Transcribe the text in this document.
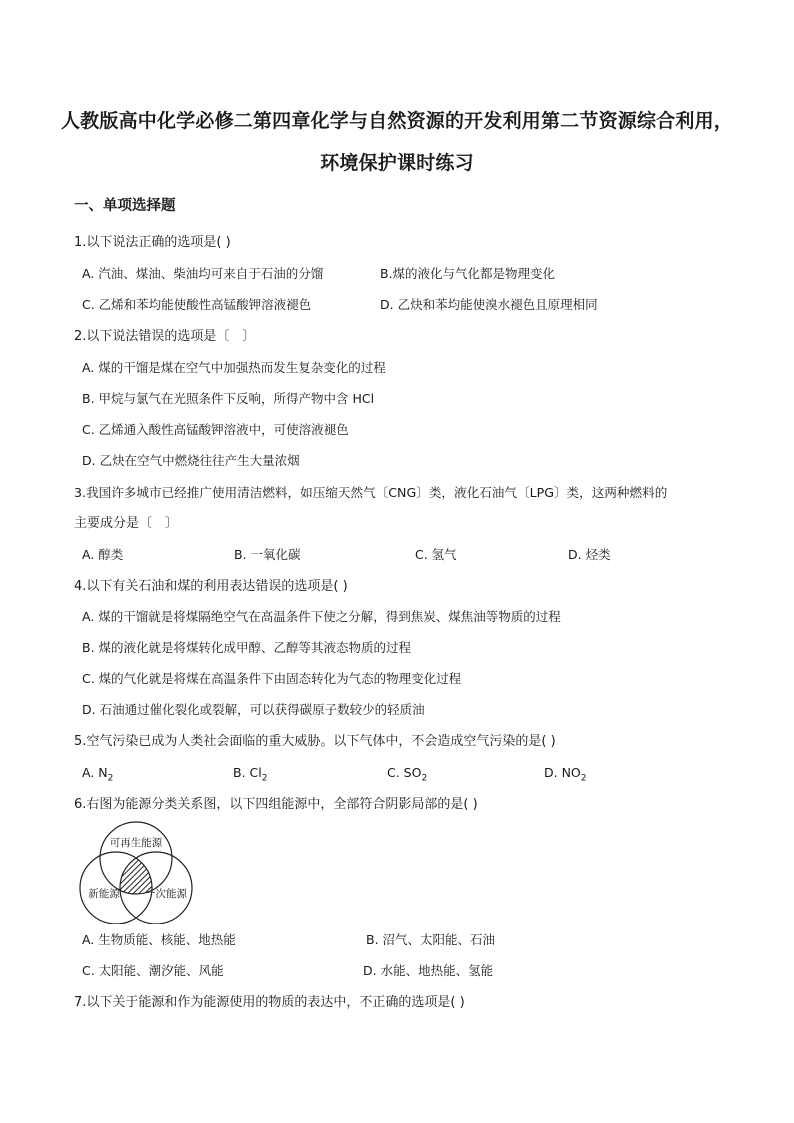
人教版高中化学必修二第四章化学与自然资源的开发利用第二节资源综合利用，
环境保护课时练习
一、单项选择题
1.以下说法正确的选项是( )
A. 汽油、煤油、柴油均可来自于石油的分馏	B.煤的液化与气化都是物理变化
C. 乙烯和苯均能使酸性高锰酸钾溶液褪色	D. 乙炔和苯均能使溴水褪色且原理相同
2.以下说法错误的选项是〔　〕
A. 煤的干馏是煤在空气中加强热而发生复杂变化的过程
B. 甲烷与氯气在光照条件下反响，所得产物中含 HCl
C. 乙烯通入酸性高锰酸钾溶液中，可使溶液褪色
D. 乙炔在空气中燃烧往往产生大量浓烟
3.我国许多城市已经推广使用清洁燃料，如压缩天然气〔CNG〕类，液化石油气〔LPG〕类，这两种燃料的
主要成分是〔　〕
A. 醇类	B. 一氧化碳	C. 氢气	D. 烃类
4.以下有关石油和煤的利用表达错误的选项是( )
A. 煤的干馏就是将煤隔绝空气在高温条件下使之分解，得到焦炭、煤焦油等物质的过程
B. 煤的液化就是将煤转化成甲醇、乙醇等其液态物质的过程
C. 煤的气化就是将煤在高温条件下由固态转化为气态的物理变化过程
D. 石油通过催化裂化或裂解，可以获得碳原子数较少的轻质油
5.空气污染已成为人类社会面临的重大威胁。以下气体中，不会造成空气污染的是( )
A. $N_2$	B. $Cl_2$	C. $SO_2$	D. $NO_2$
6.右图为能源分类关系图，以下四组能源中，全部符合阴影局部的是( )
可再生能源
新能源 一次能源
A. 生物质能、核能、地热能	B. 沼气、太阳能、石油
C. 太阳能、潮汐能、风能	D. 水能、地热能、氢能
7.以下关于能源和作为能源使用的物质的表达中，不正确的选项是( )
